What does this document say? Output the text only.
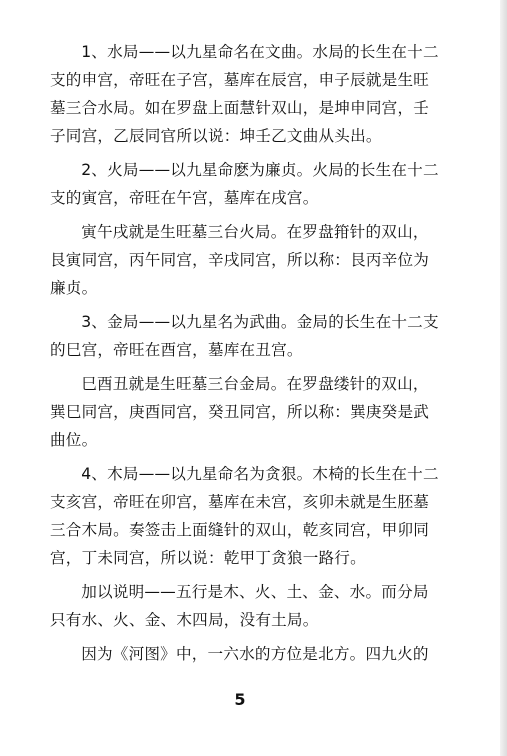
1、水局——以九星命名在文曲。水局的长生在十二支的申宫，帝旺在子宫，墓库在辰宫，申子辰就是生旺墓三合水局。如在罗盘上面慧针双山，是坤申同宫，壬子同宫，乙辰同官所以说：坤壬乙文曲从头出。

2、火局——以九星命麽为廉贞。火局的长生在十二支的寅宫，帝旺在午宫，墓库在戌宫。

寅午戌就是生旺墓三台火局。在罗盘箝针的双山，艮寅同宫，丙午同宫，辛戌同宫，所以称：艮丙辛位为廉贞。

3、金局——以九星名为武曲。金局的长生在十二支的巳宫，帝旺在酉宫，墓库在丑宫。

巳酉丑就是生旺墓三台金局。在罗盘缕针的双山，巽巳同宫，庚酉同宫，癸丑同宫，所以称：巽庚癸是武曲位。

4、木局——以九星命名为贪狠。木椅的长生在十二支亥宫，帝旺在卯宫，墓库在未宫，亥卯未就是生胚墓三合木局。奏签击上面缝针的双山，乾亥同宫，甲卯同宫，丁未同宫，所以说：乾甲丁贪狼一路行。

加以说明——五行是木、火、土、金、水。而分局只有水、火、金、木四局，没有土局。

因为《河图》中，一六水的方位是北方。四九火的

5
